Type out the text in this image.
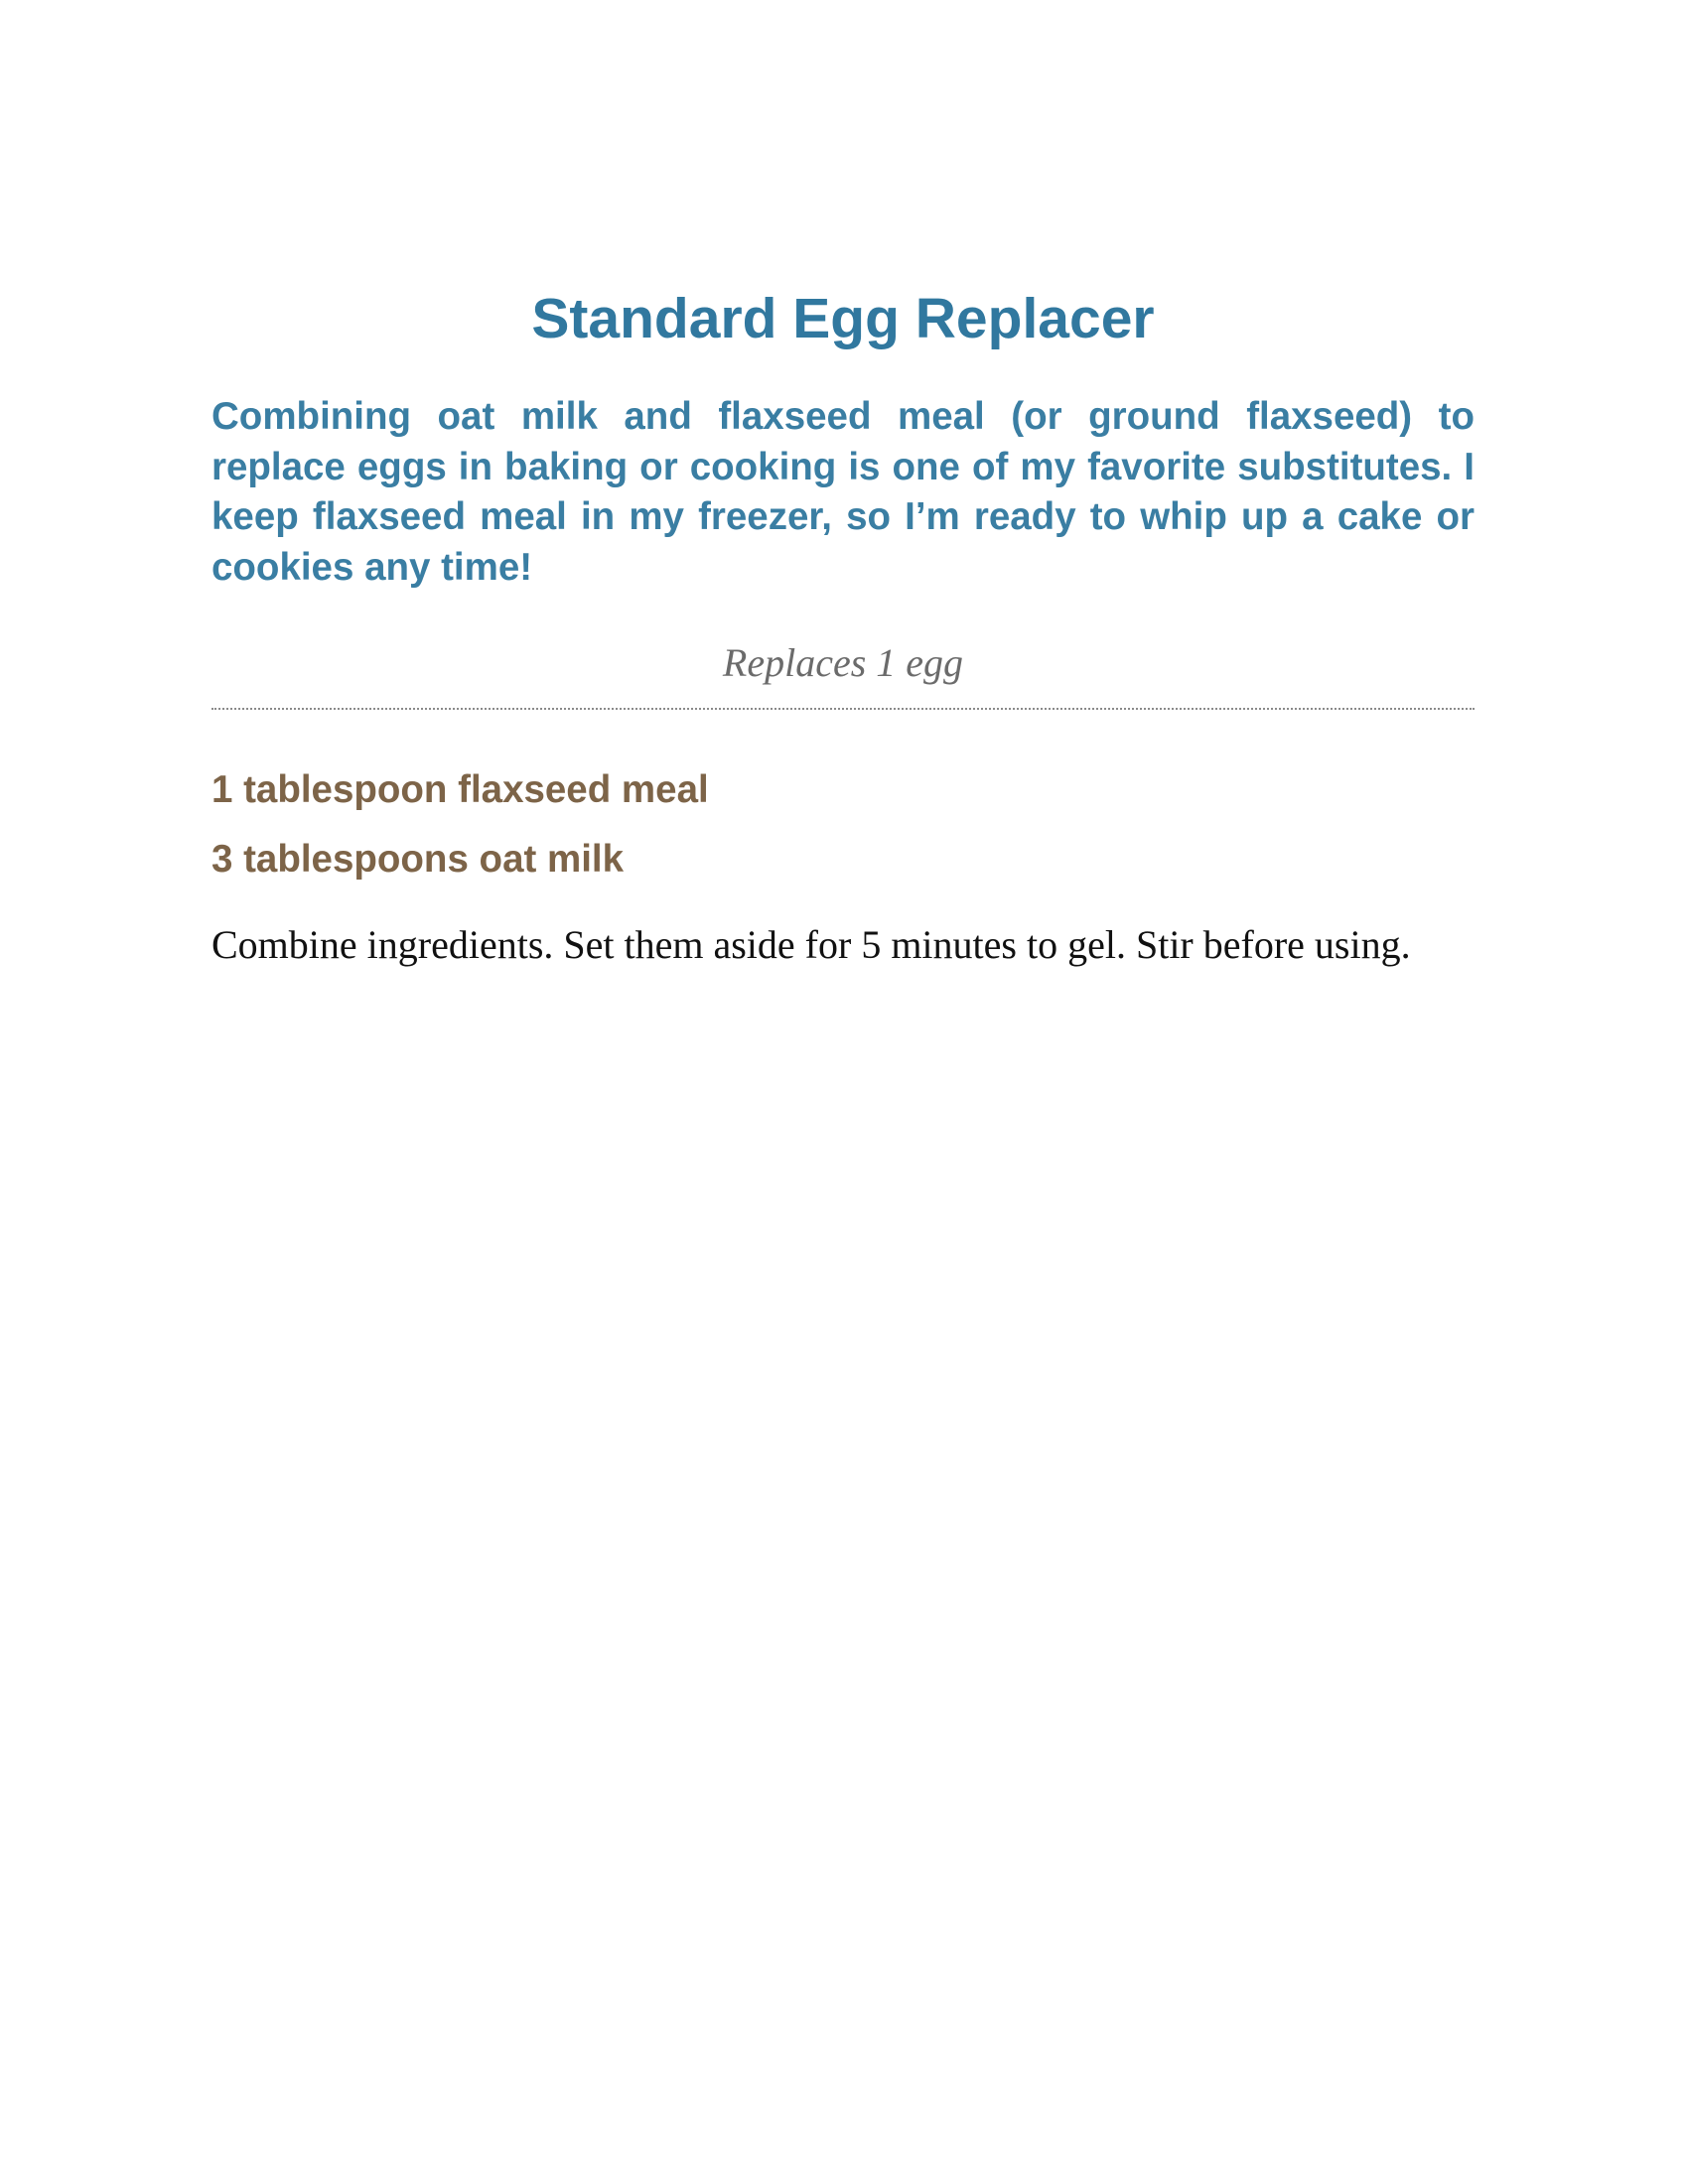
Standard Egg Replacer

Combining oat milk and flaxseed meal (or ground flaxseed) to replace eggs in baking or cooking is one of my favorite substitutes. I keep flaxseed meal in my freezer, so I’m ready to whip up a cake or cookies any time!

Replaces 1 egg

1 tablespoon flaxseed meal
3 tablespoons oat milk

Combine ingredients. Set them aside for 5 minutes to gel. Stir before using.
